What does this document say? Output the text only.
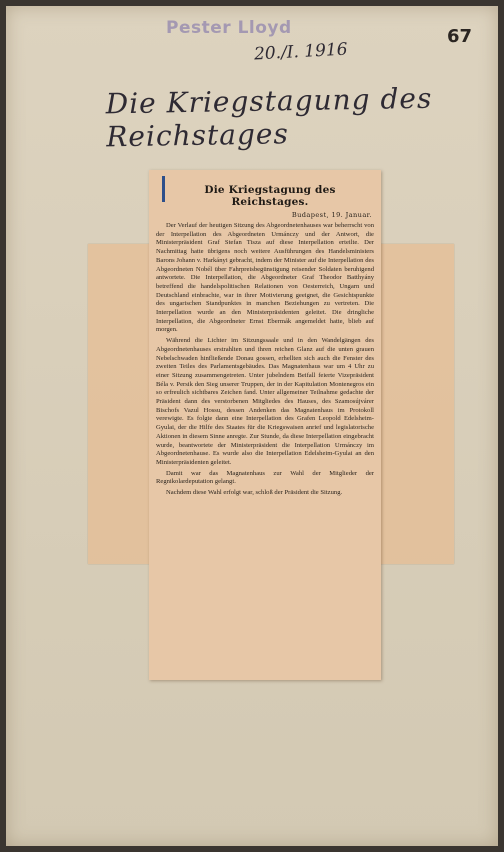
Pester Lloyd	67
20./I. 1916
Die Kriegstagung des Reichstages
Die Kriegstagung des Reichstages.
Budapest, 19. Januar.

Der Verlauf der heutigen Sitzung des Abgeordnetenhauses war beherrscht von der Interpellation des Abgeordneten Urmánczy und der Antwort, die Ministerpräsident Graf Stefan Tisza auf diese Interpellation erteilte. Der Nachmittag hatte übrigens noch weitere Ausführungen des Handelsministers Barons Johann v. Harkányi gebracht, indem der Minister auf die Interpellation des Abgeordneten Nobél über Fahrpreisbegünstigung reisender Soldaten beruhigend antwortete. Die Interpellation, die Abgeordneter Graf Theodor Batthyány betreffend die handelspolitischen Relationen von Oesterreich, Ungarn und Deutschland einbrachte, war in ihrer Motivierung geeignet, die Gesichtspunkte des ungarischen Standpunktes in manchen Beziehungen zu vertreten. Die Interpellation wurde an den Ministerpräsidenten geleitet. Die dringliche Interpellation, die Abgeordneter Ernst Ebermák angemeldet hatte, blieb auf morgen.

Während die Lichter im Sitzungssaale und in den Wandelgängen des Abgeordnetenhauses erstrahlten und ihren reichen Glanz auf die unten grauen Nebelschwaden hinfließende Donau gossen, erhellten sich auch die Fenster des zweiten Teiles des Parlamentsgebäudes. Das Magnatenhaus war um 4 Uhr zu einer Sitzung zusammengetreten. Unter jubelndem Beifall feierte Vizepräsident Béla v. Persik den Sieg unserer Truppen, der in der Kapitulation Montenegros ein so erfreulich sichtbares Zeichen fand. Unter allgemeiner Teilnahme gedachte der Präsident dann des verstorbenen Mitgliedes des Hauses, des Szamosújvárer Bischofs Vazul Hossu, dessen Andenken das Magnatenhaus im Protokoll verewigte. Es folgte dann eine Interpellation des Grafen Leopold Edelsheim-Gyulai, der die Hilfe des Staates für die Kriegswaisen anrief und legislatorische Aktionen in diesem Sinne anregte. Zur Stunde, da diese Interpellation eingebracht wurde, beantwortete der Ministerpräsident die Interpellation Urmánczy im Abgeordnetenhause. Es wurde also die Interpellation Edelsheim-Gyulai an den Ministerpräsidenten geleitet.

Damit war das Magnatenhaus zur Wahl der Mitglieder der Regnikolardeputation gelangt.

Nachdem diese Wahl erfolgt war, schloß der Präsident die Sitzung.
